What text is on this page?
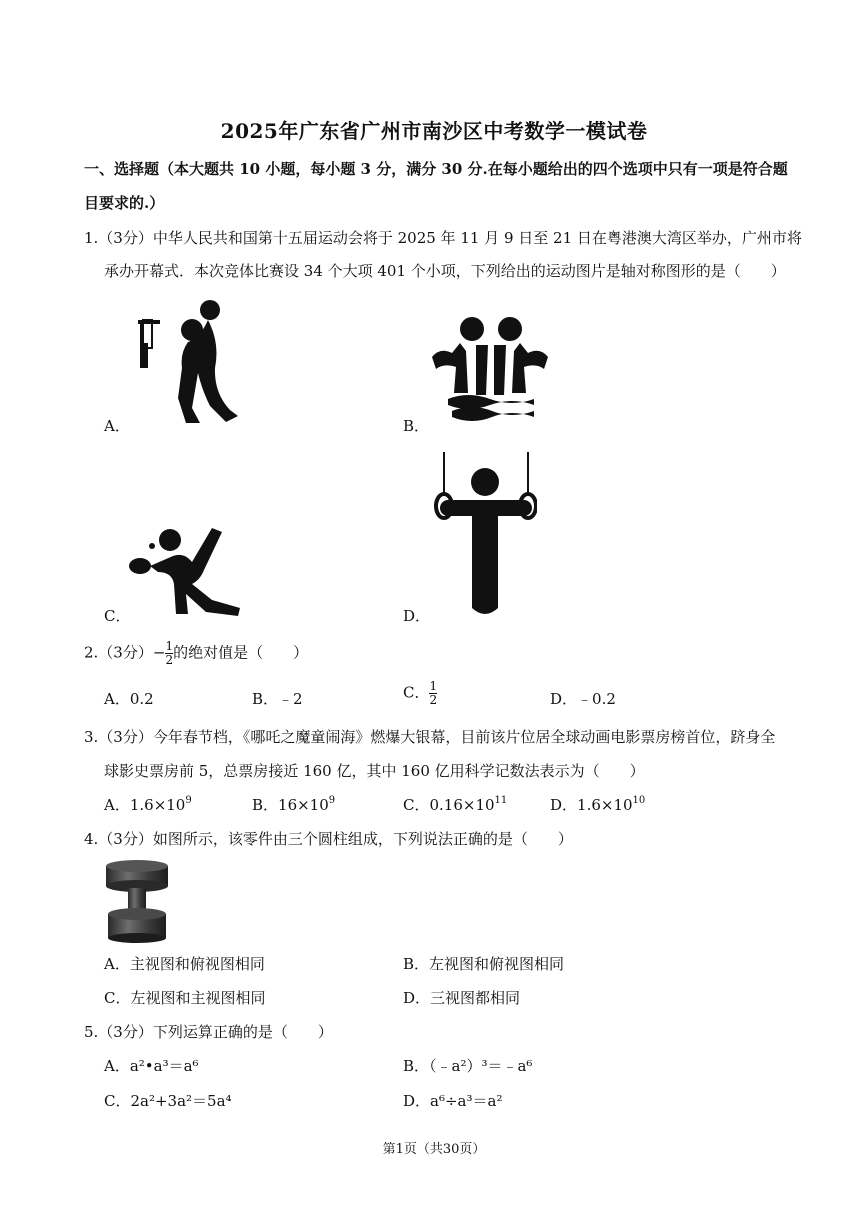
2025年广东省广州市南沙区中考数学一模试卷
一、选择题（本大题共 10 小题，每小题 3 分，满分 30 分.在每小题给出的四个选项中只有一项是符合题
目要求的.）
1.（3分）中华人民共和国第十五届运动会将于 2025 年 11 月 9 日至 21 日在粤港澳大湾区举办，广州市将
承办开幕式．本次竞体比赛设 34 个大项 401 个小项，下列给出的运动图片是轴对称图形的是（　　）
A．	B．
C．	D．
2.（3分）− $\frac{1}{2}$ 的绝对值是（　　）
A．0.2	B．﹣2	C． $\frac{1}{2}$	D．﹣0.2
3.（3分）今年春节档，《哪吒之魔童闹海》燃爆大银幕，目前该片位居全球动画电影票房榜首位，跻身全
球影史票房前 5，总票房接近 160 亿，其中 160 亿用科学记数法表示为（　　）
A．$1.6\times 10^9$	B．$16\times 10^9$	C．$0.16\times 10^{11}$	D．$1.6\times 10^{10}$
4.（3分）如图所示，该零件由三个圆柱组成，下列说法正确的是（　　）
A．主视图和俯视图相同	B．左视图和俯视图相同
C．左视图和主视图相同	D．三视图都相同
5.（3分）下列运算正确的是（　　）
A．a²•a³＝a⁶	B．（﹣a²）³＝﹣a⁶
C．2a²+3a²＝5a⁴	D．a⁶÷a³＝a²
第1页（共30页）
